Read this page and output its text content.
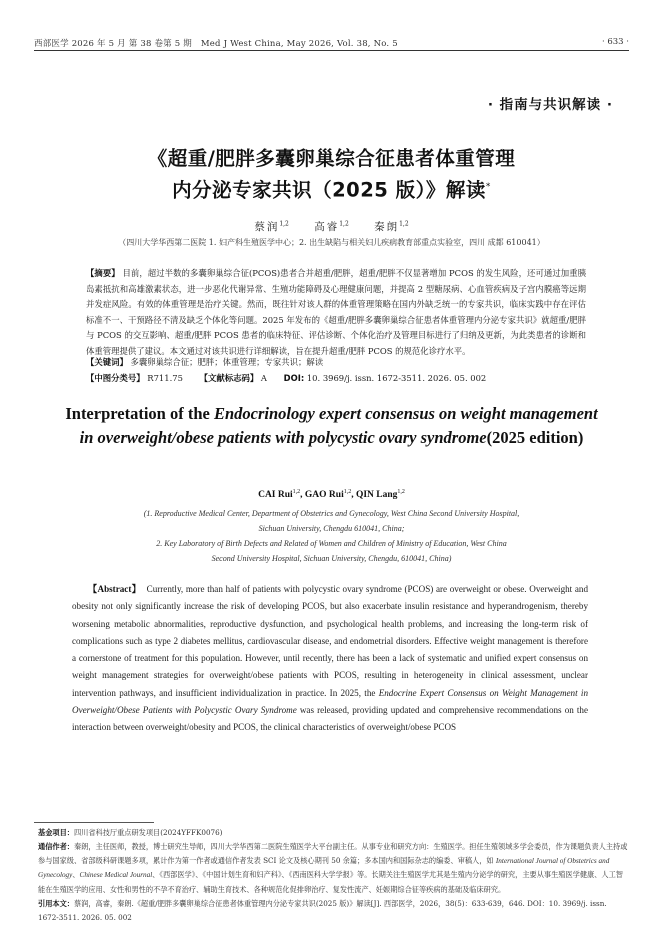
西部医学 2026 年 5 月 第 38 卷第 5 期 Med J West China, May 2026, Vol. 38, No. 5	· 633 ·
· 指南与共识解读 ·
《超重/肥胖多囊卵巢综合征患者体重管理
内分泌专家共识（2025 版）》解读*
蔡润$^{1,2}$ 高睿$^{1,2}$ 秦朗$^{1,2}$
（四川大学华西第二医院 1. 妇产科生殖医学中心；2. 出生缺陷与相关妇儿疾病教育部重点实验室，四川 成都 610041）
【摘要】 目前，超过半数的多囊卵巢综合征(PCOS)患者合并超重/肥胖，超重/肥胖不仅显著增加 PCOS 的发生风险，还可通过加重胰岛素抵抗和高雄激素状态，进一步恶化代谢异常、生殖功能障碍及心理健康问题，并提高 2 型糖尿病、心血管疾病及子宫内膜癌等远期并发症风险。有效的体重管理是治疗关键。然而，既往针对该人群的体重管理策略在国内外缺乏统一的专家共识，临床实践中存在评估标准不一、干预路径不清及缺乏个体化等问题。2025 年发布的《超重/肥胖多囊卵巢综合征患者体重管理内分泌专家共识》就超重/肥胖与 PCOS 的交互影响、超重/肥胖 PCOS 患者的临床特征、评估诊断、个体化治疗及管理目标进行了归纳及更新，为此类患者的诊断和体重管理提供了建议。本文通过对该共识进行详细解读，旨在提升超重/肥胖 PCOS 的规范化诊疗水平。
【关键词】 多囊卵巢综合征；肥胖；体重管理；专家共识；解读
【中图分类号】 R711.75 【文献标志码】 A DOI: 10. 3969/j. issn. 1672-3511. 2026. 05. 002
Interpretation of the Endocrinology expert consensus on weight management
in overweight/obese patients with polycystic ovary syndrome(2025 edition)
CAI Rui$^{1,2}$, GAO Rui$^{1,2}$, QIN Lang$^{1,2}$
(1. Reproductive Medical Center, Department of Obstetrics and Gynecology, West China Second University Hospital,
Sichuan University, Chengdu 610041, China;
2. Key Laboratory of Birth Defects and Related of Women and Children of Ministry of Education, West China
Second University Hospital, Sichuan University, Chengdu, 610041, China)
【Abstract】 Currently, more than half of patients with polycystic ovary syndrome (PCOS) are overweight or obese. Overweight and obesity not only significantly increase the risk of developing PCOS, but also exacerbate insulin resistance and hyperandrogenism, thereby worsening metabolic abnormalities, reproductive dysfunction, and psychological health problems, and increasing the long-term risk of complications such as type 2 diabetes mellitus, cardiovascular disease, and endometrial disorders. Effective weight management is therefore a cornerstone of treatment for this population. However, until recently, there has been a lack of systematic and unified expert consensus on weight management strategies for overweight/obese patients with PCOS, resulting in heterogeneity in clinical assessment, unclear intervention pathways, and insufficient individualization in practice. In 2025, the Endocrine Expert Consensus on Weight Management in Overweight/Obese Patients with Polycystic Ovary Syndrome was released, providing updated and comprehensive recommendations on the interaction between overweight/obesity and PCOS, the clinical characteristics of overweight/obese PCOS

基金项目：四川省科技厅重点研发项目(2024YFFK0076)

通信作者：秦朗，主任医师，教授，博士研究生导师，四川大学华西第二医院生殖医学大平台副主任。从事专业和研究方向：生殖医学。担任生殖领域多学会委员，作为课题负责人主持或参与国家级、省部级科研课题多项，累计作为第一作者或通信作者发表 SCI 论文及核心期刊 50 余篇；多本国内和国际杂志的编委、审稿人，如 International Journal of Obstetrics and Gynecology、Chinese Medical Journal、《西部医学》、《中国计划生育和妇产科》、《西南医科大学学报》等。长期关注生殖医学尤其是生殖内分泌学的研究，主要从事生殖医学健康、人工智能在生殖医学的应用、女性和男性的不孕不育治疗、辅助生育技术、各种规范化促排卵治疗、复发性流产、妊娠期综合征等疾病的基础及临床研究。

引用本文：蔡润，高睿，秦朗.《超重/肥胖多囊卵巢综合征患者体重管理内分泌专家共识(2025 版)》解读[J]. 西部医学，2026，38(5)：633-639，646. DOI：10. 3969/j. issn. 1672-3511. 2026. 05. 002
